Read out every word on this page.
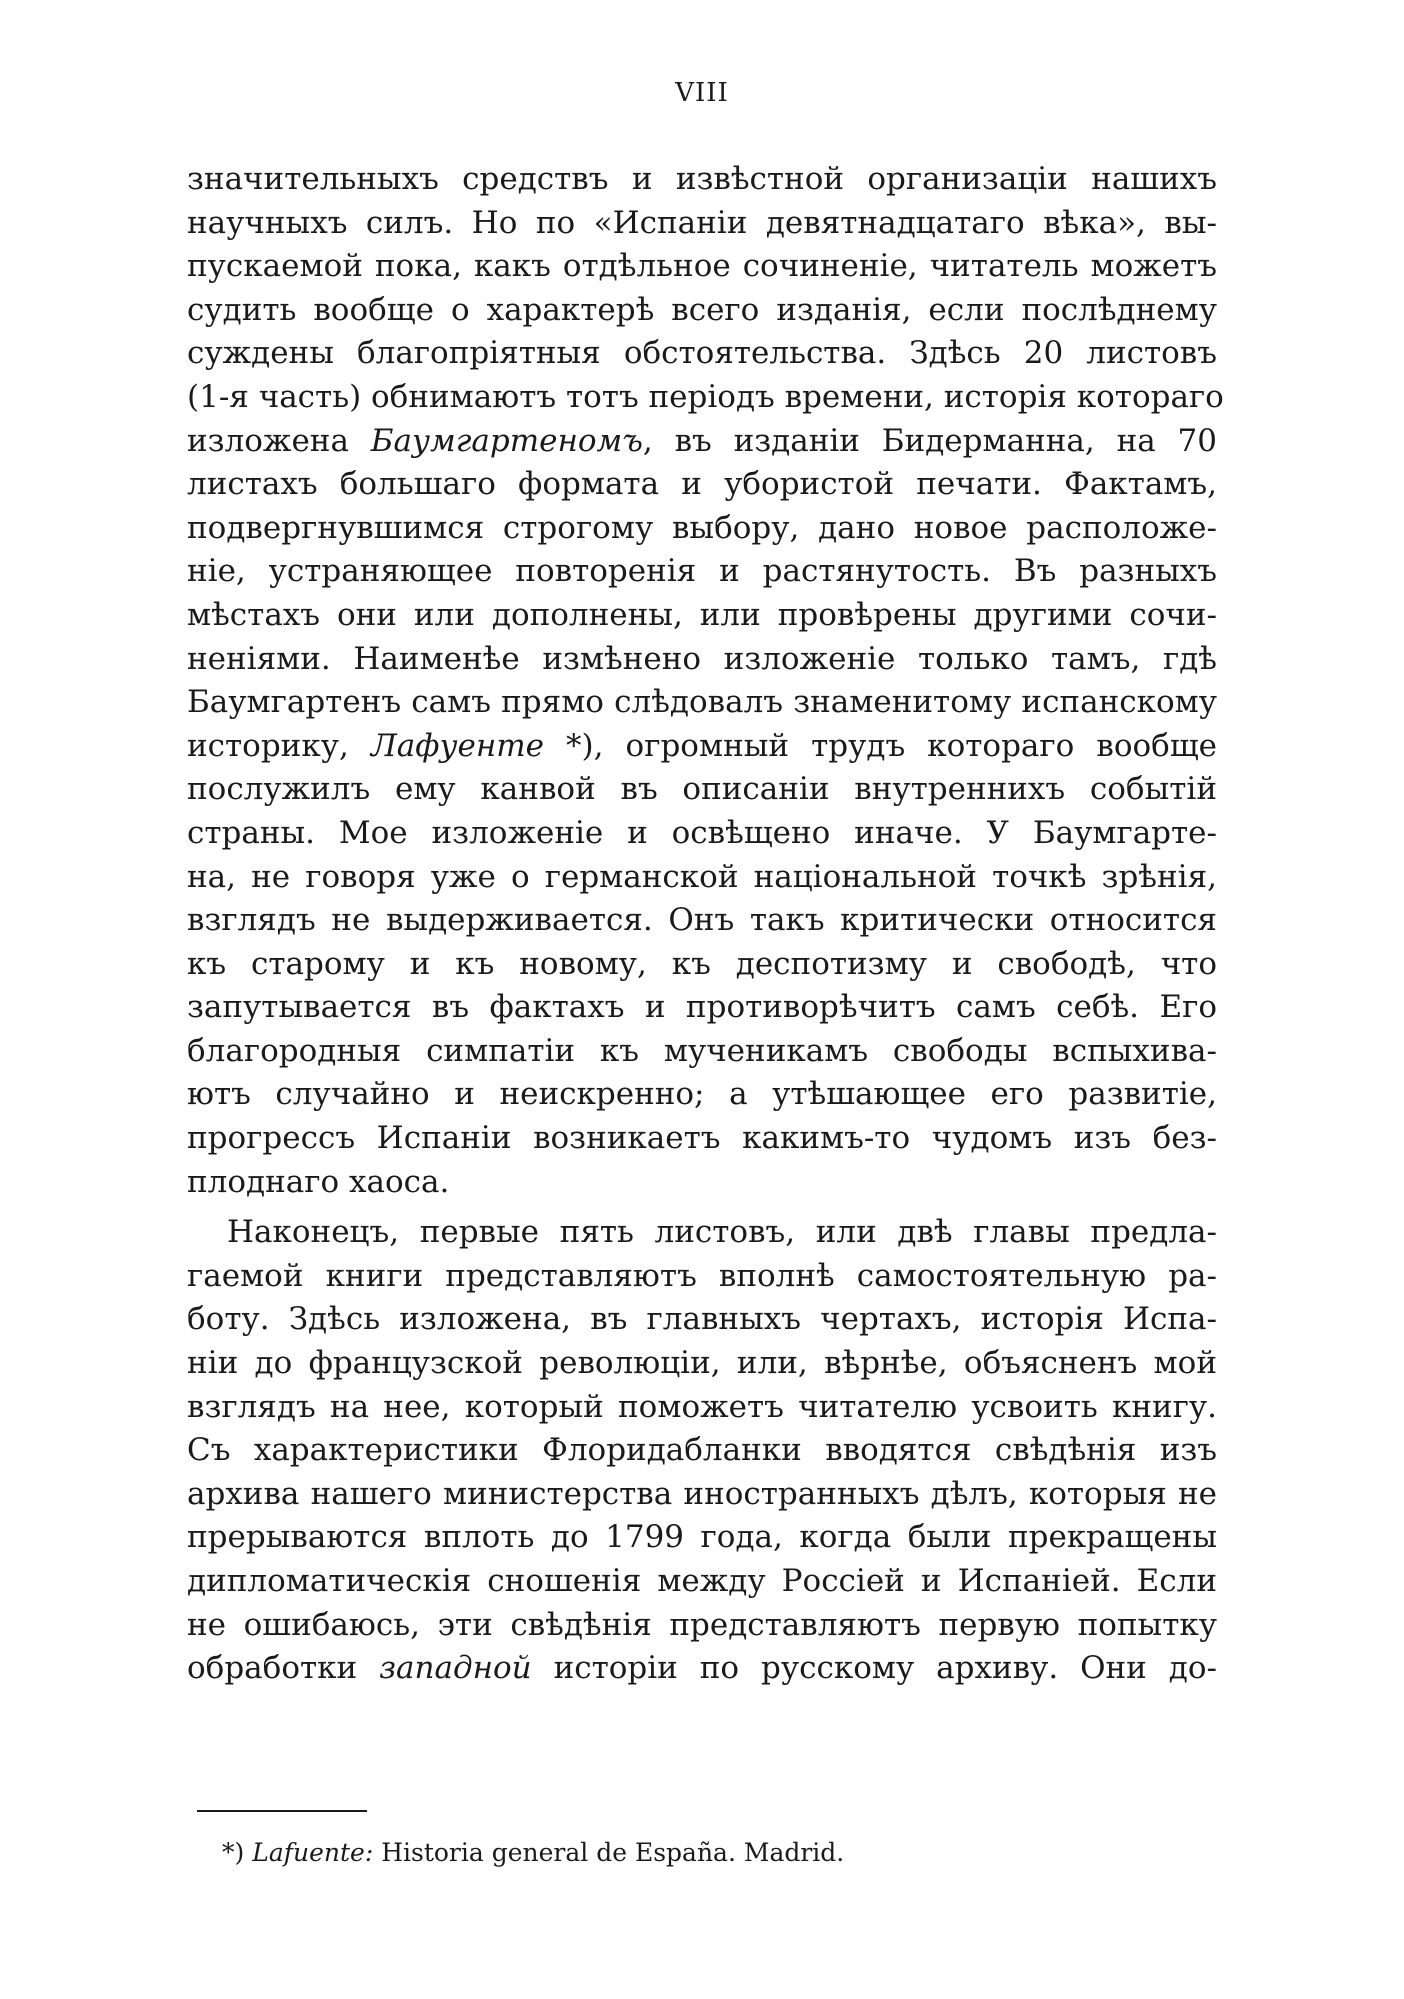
VIII
значительныхъ средствъ и извѣстной организаціи нашихъ
научныхъ силъ. Но по «Испаніи девятнадцатаго вѣка», вы-
пускаемой пока, какъ отдѣльное сочиненіе, читатель можетъ
судить вообще о характерѣ всего изданія, если послѣднему
суждены благопріятныя обстоятельства. Здѣсь 20 листовъ
(1-я часть) обнимаютъ тотъ періодъ времени, исторія котораго
изложена Баумгартеномъ, въ изданіи Бидерманна, на 70
листахъ большаго формата и убористой печати. Фактамъ,
подвергнувшимся строгому выбору, дано новое расположе-
ніе, устраняющее повторенія и растянутость. Въ разныхъ
мѣстахъ они или дополнены, или провѣрены другими сочи-
неніями. Наименѣе измѣнено изложеніе только тамъ, гдѣ
Баумгартенъ самъ прямо слѣдовалъ знаменитому испанскому
историку, Лафуенте *), огромный трудъ котораго вообще
послужилъ ему канвой въ описаніи внутреннихъ событій
страны. Мое изложеніе и освѣщено иначе. У Баумгарте-
на, не говоря уже о германской національной точкѣ зрѣнія,
взглядъ не выдерживается. Онъ такъ критически относится
къ старому и къ новому, къ деспотизму и свободѣ, что
запутывается въ фактахъ и противорѣчитъ самъ себѣ. Его
благородныя симпатіи къ мученикамъ свободы вспыхива-
ютъ случайно и неискренно; а утѣшающее его развитіе,
прогрессъ Испаніи возникаетъ какимъ-то чудомъ изъ без-
плоднаго хаоса.
Наконецъ, первые пять листовъ, или двѣ главы предла-
гаемой книги представляютъ вполнѣ самостоятельную ра-
боту. Здѣсь изложена, въ главныхъ чертахъ, исторія Испа-
ніи до французской революціи, или, вѣрнѣе, объясненъ мой
взглядъ на нее, который поможетъ читателю усвоить книгу.
Съ характеристики Флоридабланки вводятся свѣдѣнія изъ
архива нашего министерства иностранныхъ дѣлъ, которыя не
прерываются вплоть до 1799 года, когда были прекращены
дипломатическія сношенія между Россіей и Испаніей. Если
не ошибаюсь, эти свѣдѣнія представляютъ первую попытку
обработки западной исторіи по русскому архиву. Они до-
*) Lafuente: Historia general de España. Madrid.
